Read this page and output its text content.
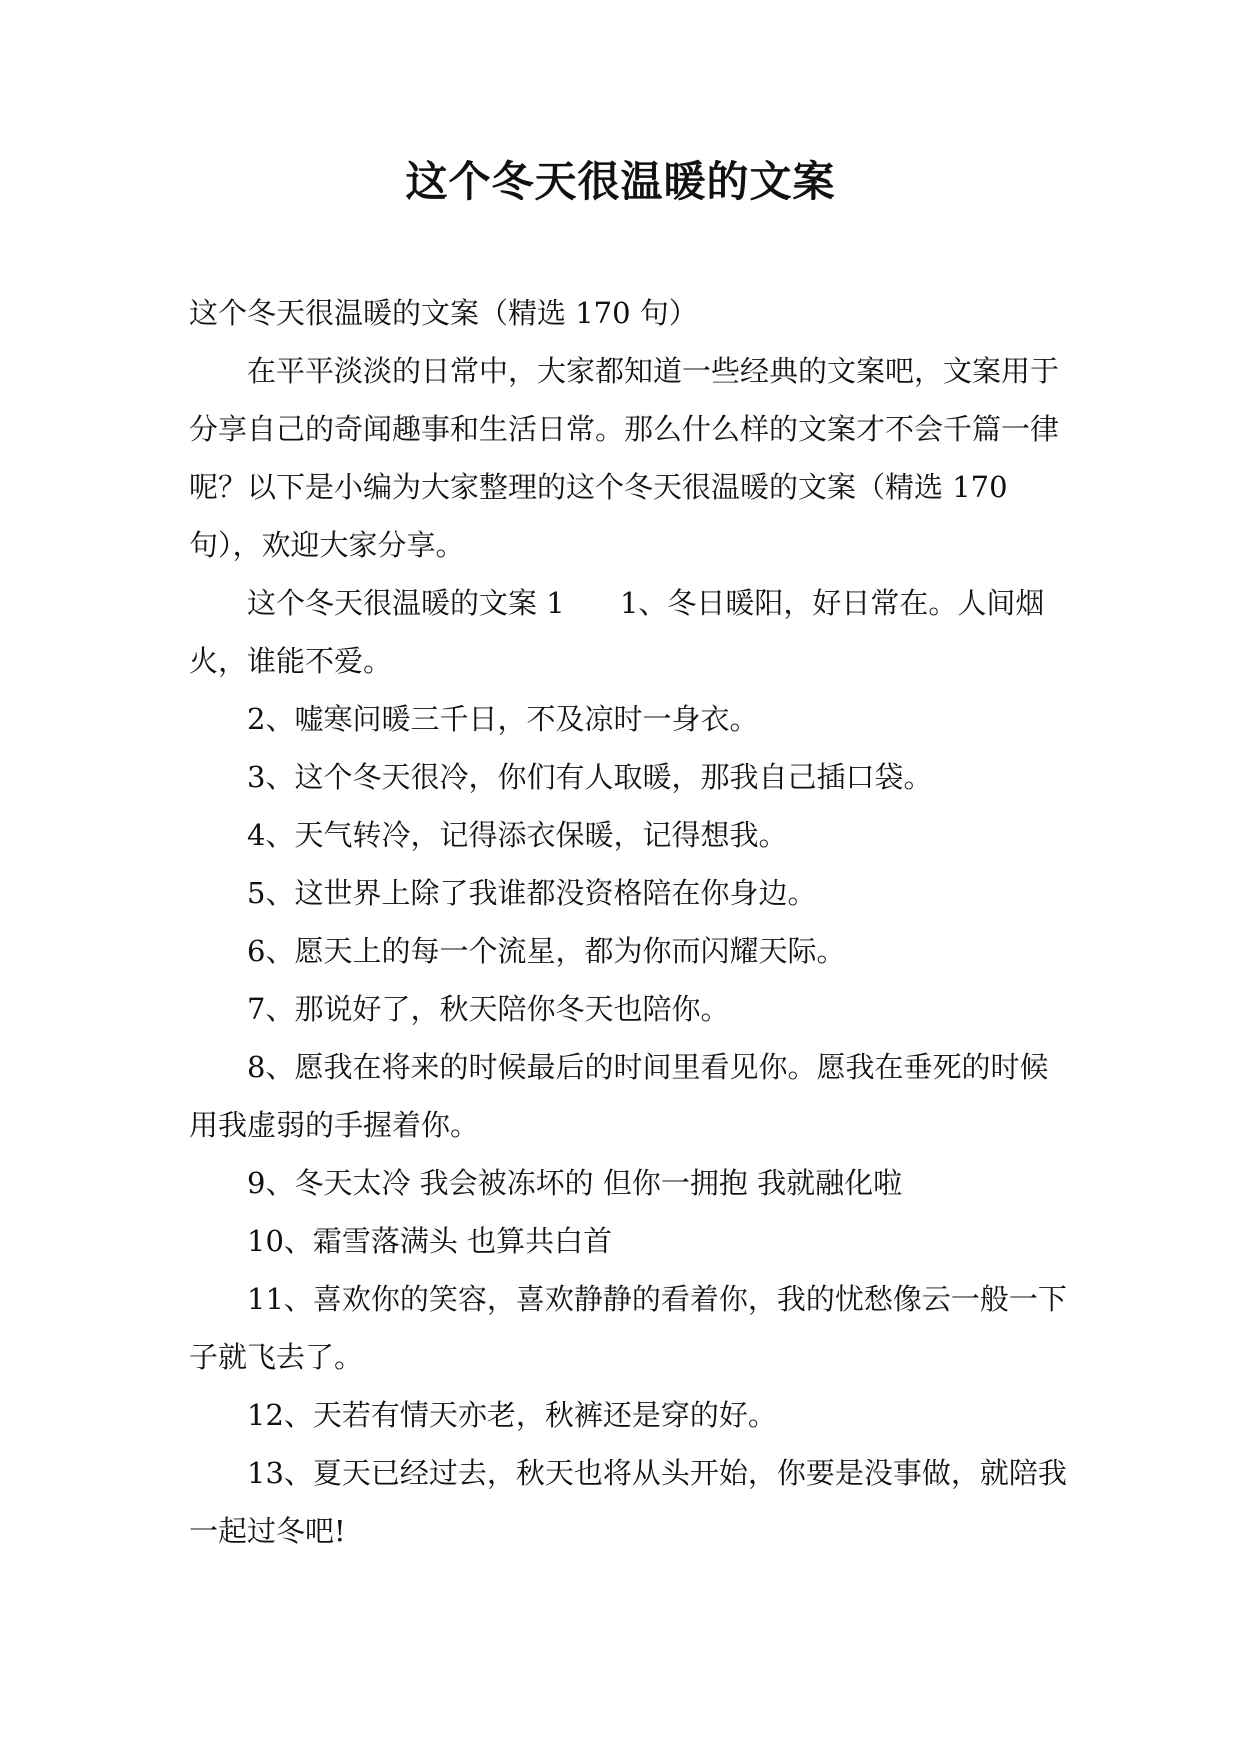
这个冬天很温暖的文案

这个冬天很温暖的文案（精选 170 句）

在平平淡淡的日常中，大家都知道一些经典的文案吧，文案用于分享自己的奇闻趣事和生活日常。那么什么样的文案才不会千篇一律呢？以下是小编为大家整理的这个冬天很温暖的文案（精选 170 句），欢迎大家分享。

这个冬天很温暖的文案 1 1、冬日暖阳，好日常在。人间烟火，谁能不爱。

2、嘘寒问暖三千日，不及凉时一身衣。

3、这个冬天很冷，你们有人取暖，那我自己插口袋。

4、天气转冷，记得添衣保暖，记得想我。

5、这世界上除了我谁都没资格陪在你身边。

6、愿天上的每一个流星，都为你而闪耀天际。

7、那说好了，秋天陪你冬天也陪你。

8、愿我在将来的时候最后的时间里看见你。愿我在垂死的时候用我虚弱的手握着你。

9、冬天太冷 我会被冻坏的 但你一拥抱 我就融化啦

10、霜雪落满头 也算共白首

11、喜欢你的笑容，喜欢静静的看着你，我的忧愁像云一般一下子就飞去了。

12、天若有情天亦老，秋裤还是穿的好。

13、夏天已经过去，秋天也将从头开始，你要是没事做，就陪我一起过冬吧!
